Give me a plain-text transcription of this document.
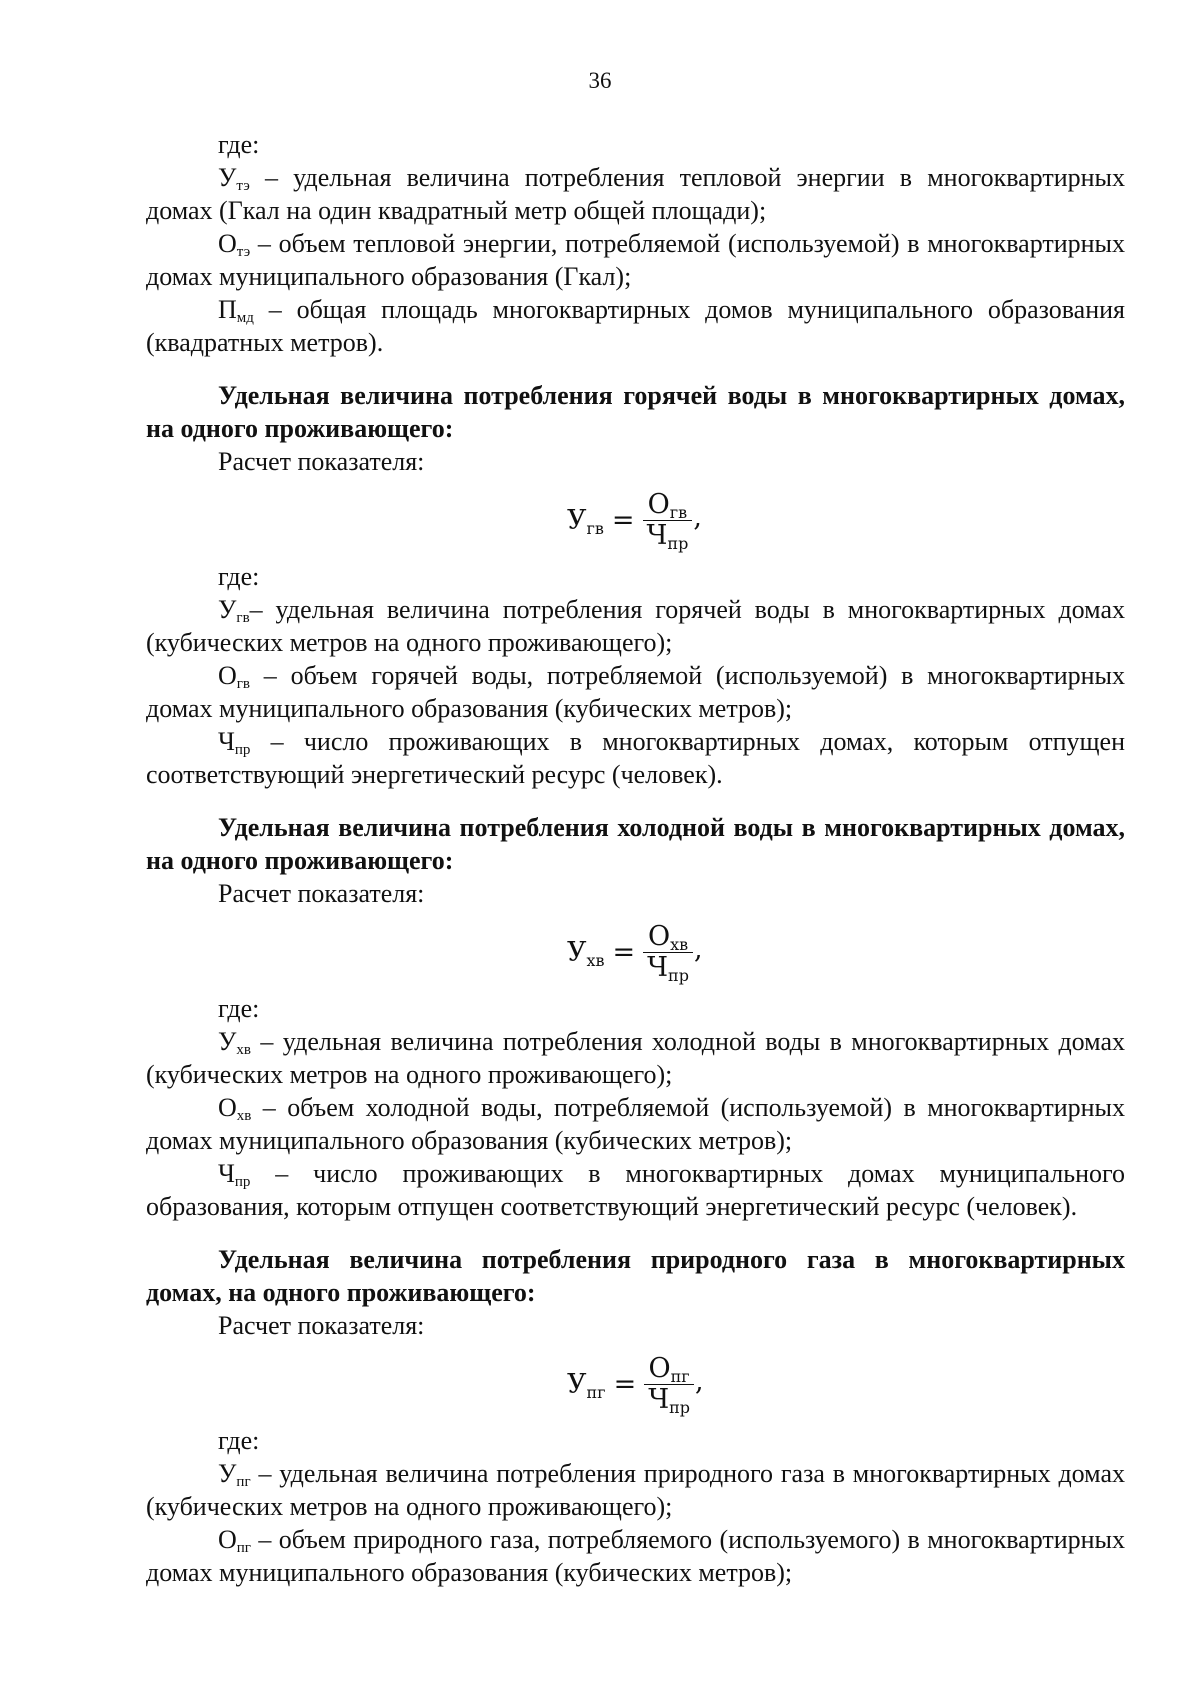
36

где:

$У_{тэ}$ – удельная величина потребления тепловой энергии в многоквартирных домах (Гкал на один квадратный метр общей площади);

$О_{тэ}$ – объем тепловой энергии, потребляемой (используемой) в многоквартирных домах муниципального образования (Гкал);

$П_{мд}$ – общая площадь многоквартирных домов муниципального образования (квадратных метров).

Удельная величина потребления горячей воды в многоквартирных домах, на одного проживающего:

Расчет показателя:

$У_{гв} = \frac{О_{гв}}{Ч_{пр}}$ ,

где:

$У_{гв}-$ удельная величина потребления горячей воды в многоквартирных домах (кубических метров на одного проживающего);

$О_{гв}$ – объем горячей воды, потребляемой (используемой) в многоквартирных домах муниципального образования (кубических метров);

$Ч_{пр}$ – число проживающих в многоквартирных домах, которым отпущен соответствующий энергетический ресурс (человек).

Удельная величина потребления холодной воды в многоквартирных домах, на одного проживающего:

Расчет показателя:

$У_{хв} = \frac{О_{хв}}{Ч_{пр}}$ ,

где:

$У_{хв}$ – удельная величина потребления холодной воды в многоквартирных домах (кубических метров на одного проживающего);

$О_{хв}$ – объем холодной воды, потребляемой (используемой) в многоквартирных домах муниципального образования (кубических метров);

$Ч_{пр}$ – число проживающих в многоквартирных домах муниципального образования, которым отпущен соответствующий энергетический ресурс (человек).

Удельная величина потребления природного газа в многоквартирных домах, на одного проживающего:

Расчет показателя:

$У_{пг} = \frac{О_{пг}}{Ч_{пр}}$ ,

где:

$У_{пг}$ – удельная величина потребления природного газа в многоквартирных домах (кубических метров на одного проживающего);

$О_{пг}$ – объем природного газа, потребляемого (используемого) в многоквартирных домах муниципального образования (кубических метров);
